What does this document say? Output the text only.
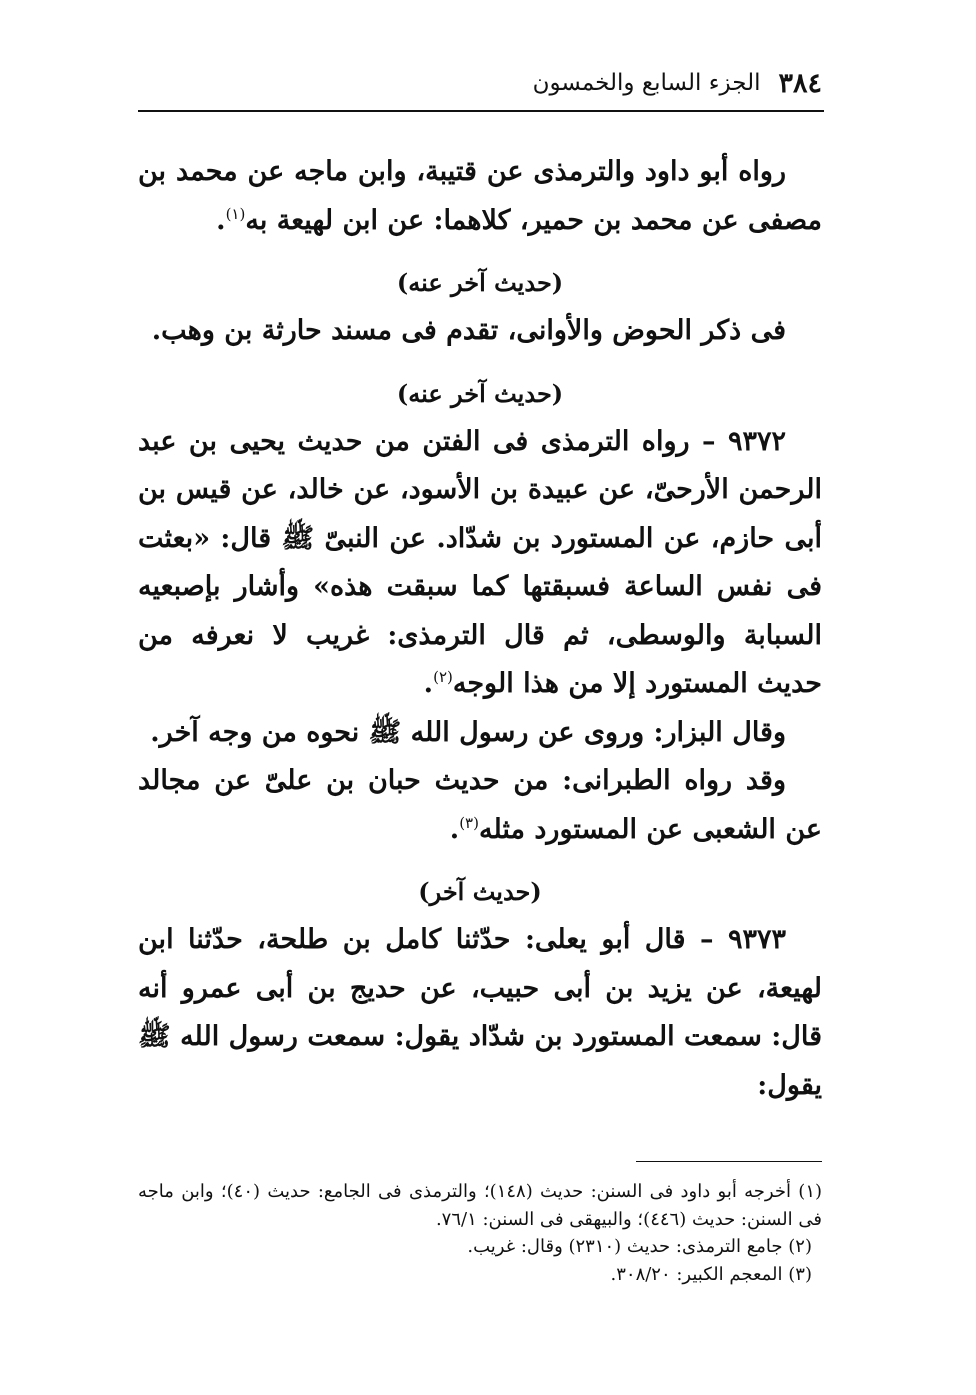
٣٨٤
الجزء السابع والخمسون

رواه أبو داود والترمذى عن قتيبة، وابن ماجه عن محمد بن مصفى عن محمد بن حمير، كلاهما: عن ابن لهيعة به$^{(١)}$.

(حديث آخر عنه)

فى ذكر الحوض والأوانى، تقدم فى مسند حارثة بن وهب.

(حديث آخر عنه)

٩٣٧٢ – رواه الترمذى فى الفتن من حديث يحيى بن عبد الرحمن الأرحىّ، عن عبيدة بن الأسود، عن خالد، عن قيس بن أبى حازم، عن المستورد بن شدّاد. عن النبىّ ﷺ قال: «بعثت فى نفس الساعة فسبقتها كما سبقت هذه» وأشار بإصبعيه السبابة والوسطى، ثم قال الترمذى: غريب لا نعرفه من حديث المستورد إلا من هذا الوجه$^{(٢)}$.

وقال البزار: وروى عن رسول الله ﷺ نحوه من وجه آخر.

وقد رواه الطبرانى: من حديث حبان بن علىّ عن مجالد عن الشعبى عن المستورد مثله$^{(٣)}$.

(حديث آخر)

٩٣٧٣ – قال أبو يعلى: حدّثنا كامل بن طلحة، حدّثنا ابن لهيعة، عن يزيد بن أبى حبيب، عن حديج بن أبى عمرو أنه قال: سمعت المستورد بن شدّاد يقول: سمعت رسول الله ﷺ يقول:

(١) أخرجه أبو داود فى السنن: حديث (١٤٨)؛ والترمذى فى الجامع: حديث (٤٠)؛ وابن ماجه فى السنن: حديث (٤٤٦)؛ والبيهقى فى السنن: ٧٦/١.

(٢) جامع الترمذى: حديث (٢٣١٠) وقال: غريب.

(٣) المعجم الكبير: ٣٠٨/٢٠.
